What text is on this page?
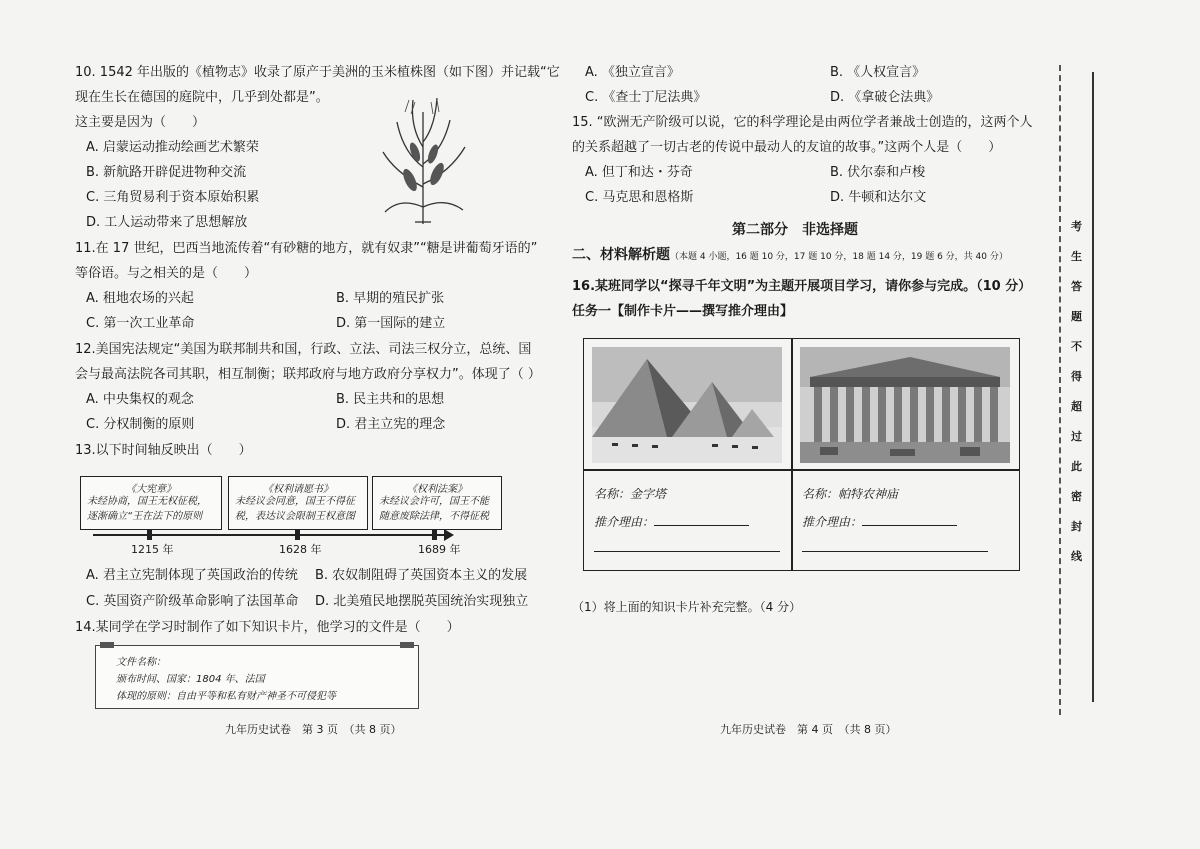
10. 1542 年出版的《植物志》收录了原产于美洲的玉米植株图（如下图）并记载“它
现在生长在德国的庭院中，几乎到处都是”。
这主要是因为（　　）
A. 启蒙运动推动绘画艺术繁荣
B. 新航路开辟促进物种交流
C. 三角贸易利于资本原始积累
D. 工人运动带来了思想解放
11.在 17 世纪，巴西当地流传着“有砂糖的地方，就有奴隶”“糖是讲葡萄牙语的”
等俗语。与之相关的是（　　）
A. 租地农场的兴起	B. 早期的殖民扩张
C. 第一次工业革命	D. 第一国际的建立
12.美国宪法规定“美国为联邦制共和国，行政、立法、司法三权分立，总统、国
会与最高法院各司其职，相互制衡；联邦政府与地方政府分享权力”。体现了（ ）
A. 中央集权的观念	B. 民主共和的思想
C. 分权制衡的原则	D. 君主立宪的理念
13.以下时间轴反映出（　　）
《大宪章》
未经协商，国王无权征税，逐渐确立“王在法下的原则
《权利请愿书》
未经议会同意，国王不得征税，表达议会限制王权意图
《权利法案》
未经议会许可，国王不能随意废除法律，不得征税
1215 年	1628 年	1689 年
A. 君主立宪制体现了英国政治的传统 B. 农奴制阻碍了英国资本主义的发展
C. 英国资产阶级革命影响了法国革命 D. 北美殖民地摆脱英国统治实现独立
14.某同学在学习时制作了如下知识卡片，他学习的文件是（　　）
文件名称：
颁布时间、国家：1804 年、法国
体现的原则：自由平等和私有财产神圣不可侵犯等
九年历史试卷　第 3 页　（共 8 页）
A. 《独立宣言》	B. 《人权宣言》
C. 《查士丁尼法典》	D. 《拿破仑法典》
15. “欧洲无产阶级可以说，它的科学理论是由两位学者兼战士创造的，这两个人
的关系超越了一切古老的传说中最动人的友谊的故事。”这两个人是（　　）
A. 但丁和达・芬奇	B. 伏尔泰和卢梭
C. 马克思和恩格斯	D. 牛顿和达尔文
第二部分　非选择题
二、材料解析题（本题 4 小题，16 题 10 分，17 题 10 分，18 题 14 分，19 题 6 分，共 40 分）
16.某班同学以“探寻千年文明”为主题开展项目学习，请你参与完成。（10 分）
任务一【制作卡片——撰写推介理由】
名称：金字塔
推介理由：
名称：帕特农神庙
推介理由：
（1）将上面的知识卡片补充完整。（4 分）
九年历史试卷　第 4 页　（共 8 页）
考
生
答
题
不
得
超
过
此
密
封
线
